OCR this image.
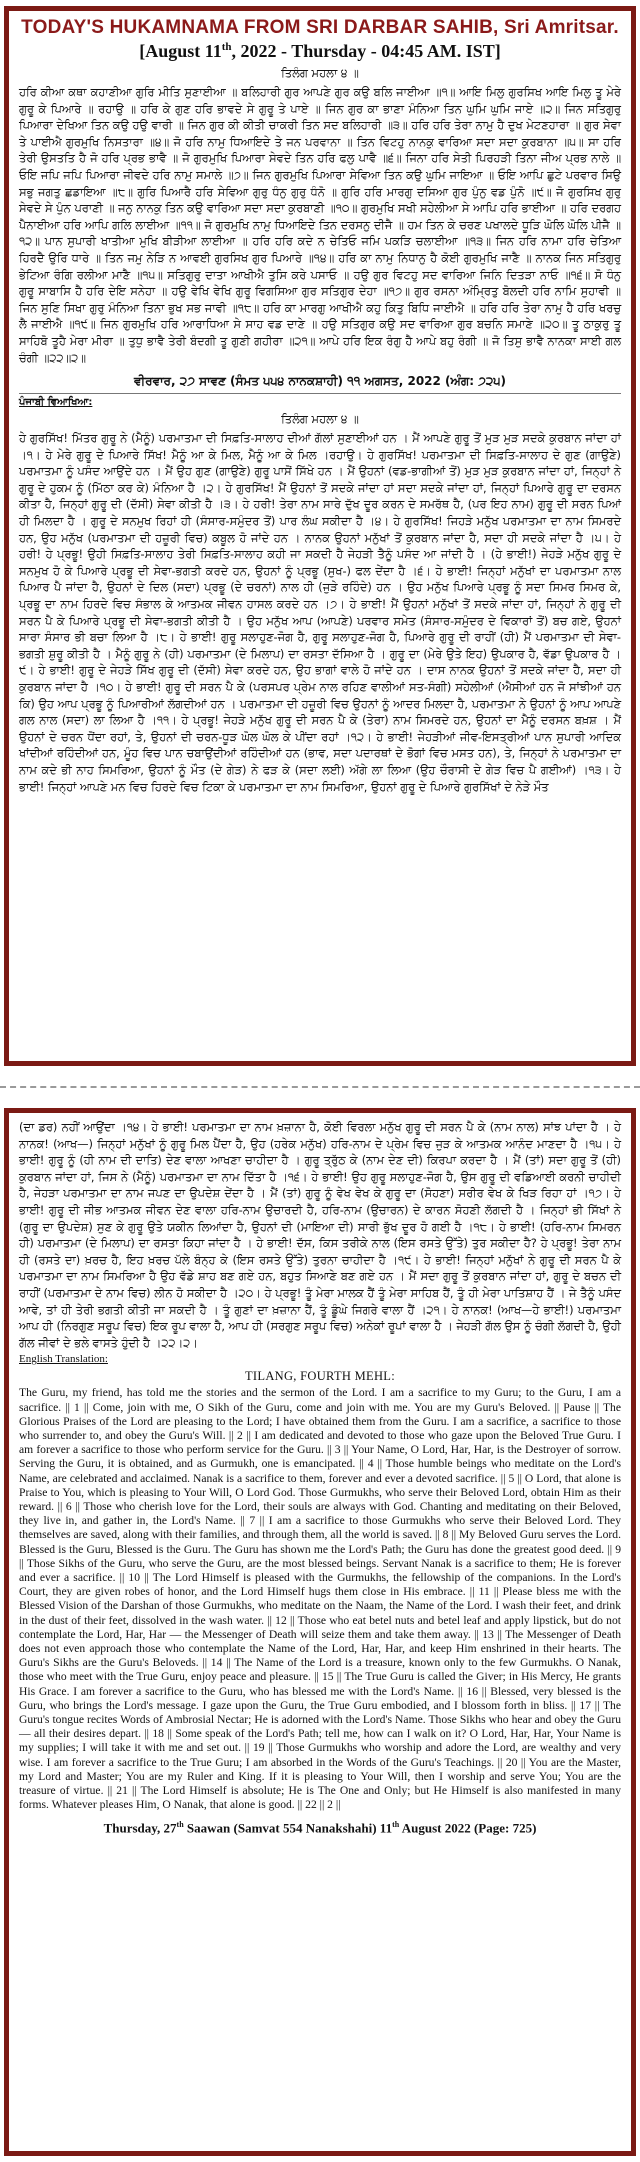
TODAY'S HUKAMNAMA FROM SRI DARBAR SAHIB, Sri Amritsar.
[August 11th, 2022 - Thursday - 04:45 AM. IST]
ਤਿਲੰਗ ਮਹਲਾ ੪ ॥
ਹਰਿ ਕੀਆ ਕਥਾ ਕਹਾਣੀਆ ਗੁਰਿ ਮੀਤਿ ਸੁਣਾਈਆ ॥ ਬਲਿਹਾਰੀ ਗੁਰ ਆਪਣੇ ਗੁਰ ਕਉ ਬਲਿ ਜਾਈਆ ॥੧॥ ਆਇ ਮਿਲੁ ਗੁਰਸਿਖ ਆਇ ਮਿਲੁ ਤੂ ਮੇਰੇ ਗੁਰੂ ਕੇ ਪਿਆਰੇ ॥ ਰਹਾਉ ॥ ਹਰਿ ਕੇ ਗੁਣ ਹਰਿ ਭਾਵਦੇ ਸੇ ਗੁਰੂ ਤੇ ਪਾਏ ॥ ਜਿਨ ਗੁਰ ਕਾ ਭਾਣਾ ਮੰਨਿਆ ਤਿਨ ਘੁਮਿ ਘੁਮਿ ਜਾਏ ॥੨॥ ਜਿਨ ਸਤਿਗੁਰੁ ਪਿਆਰਾ ਦੇਖਿਆ ਤਿਨ ਕਉ ਹਉ ਵਾਰੀ ॥ ਜਿਨ ਗੁਰ ਕੀ ਕੀਤੀ ਚਾਕਰੀ ਤਿਨ ਸਦ ਬਲਿਹਾਰੀ ॥੩॥ ਹਰਿ ਹਰਿ ਤੇਰਾ ਨਾਮੁ ਹੈ ਦੁਖ ਮੇਟਣਹਾਰਾ ॥ ਗੁਰ ਸੇਵਾ ਤੇ ਪਾਈਐ ਗੁਰਮੁਖਿ ਨਿਸਤਾਰਾ ॥੪॥ ਜੋ ਹਰਿ ਨਾਮੁ ਧਿਆਇਦੇ ਤੇ ਜਨ ਪਰਵਾਨਾ ॥ ਤਿਨ ਵਿਟਹੁ ਨਾਨਕੁ ਵਾਰਿਆ ਸਦਾ ਸਦਾ ਕੁਰਬਾਨਾ ॥੫॥ ਸਾ ਹਰਿ ਤੇਰੀ ਉਸਤਤਿ ਹੈ ਜੋ ਹਰਿ ਪ੍ਰਭ ਭਾਵੈ ॥ ਜੋ ਗੁਰਮੁਖਿ ਪਿਆਰਾ ਸੇਵਦੇ ਤਿਨ ਹਰਿ ਫਲੁ ਪਾਵੈ ॥੬॥ ਜਿਨਾ ਹਰਿ ਸੇਤੀ ਪਿਰਹੜੀ ਤਿਨਾ ਜੀਅ ਪ੍ਰਭ ਨਾਲੇ ॥ ਓਇ ਜਪਿ ਜਪਿ ਪਿਆਰਾ ਜੀਵਦੇ ਹਰਿ ਨਾਮੁ ਸਮਾਲੇ ॥੭॥ ਜਿਨ ਗੁਰਮੁਖਿ ਪਿਆਰਾ ਸੇਵਿਆ ਤਿਨ ਕਉ ਘੁਮਿ ਜਾਇਆ ॥ ਓਇ ਆਪਿ ਛੁਟੇ ਪਰਵਾਰ ਸਿਉ ਸਭੁ ਜਗਤੁ ਛਡਾਇਆ ॥੮॥ ਗੁਰਿ ਪਿਆਰੈ ਹਰਿ ਸੇਵਿਆ ਗੁਰੁ ਧੰਨੁ ਗੁਰੁ ਧੰਨੋ ॥ ਗੁਰਿ ਹਰਿ ਮਾਰਗੁ ਦਸਿਆ ਗੁਰ ਪੁੰਨੁ ਵਡ ਪੁੰਨੋ ॥੯॥ ਜੋ ਗੁਰਸਿਖ ਗੁਰੁ ਸੇਵਦੇ ਸੇ ਪੁੰਨ ਪਰਾਣੀ ॥ ਜਨੁ ਨਾਨਕੁ ਤਿਨ ਕਉ ਵਾਰਿਆ ਸਦਾ ਸਦਾ ਕੁਰਬਾਣੀ ॥੧੦॥ ਗੁਰਮੁਖਿ ਸਖੀ ਸਹੇਲੀਆ ਸੇ ਆਪਿ ਹਰਿ ਭਾਈਆ ॥ ਹਰਿ ਦਰਗਹ ਪੈਨਾਈਆ ਹਰਿ ਆਪਿ ਗਲਿ ਲਾਈਆ ॥੧੧॥ ਜੋ ਗੁਰਮੁਖਿ ਨਾਮੁ ਧਿਆਇਦੇ ਤਿਨ ਦਰਸਨੁ ਦੀਜੈ ॥ ਹਮ ਤਿਨ ਕੇ ਚਰਣ ਪਖਾਲਦੇ ਧੂੜਿ ਘੋਲਿ ਘੋਲਿ ਪੀਜੈ ॥੧੨॥ ਪਾਨ ਸੁਪਾਰੀ ਖਾਤੀਆ ਮੁਖਿ ਬੀੜੀਆ ਲਾਈਆ ॥ ਹਰਿ ਹਰਿ ਕਦੇ ਨ ਚੇਤਿਓ ਜਮਿ ਪਕੜਿ ਚਲਾਈਆ ॥੧੩॥ ਜਿਨ ਹਰਿ ਨਾਮਾ ਹਰਿ ਚੇਤਿਆ ਹਿਰਦੈ ਉਰਿ ਧਾਰੇ ॥ ਤਿਨ ਜਮੁ ਨੇੜਿ ਨ ਆਵਈ ਗੁਰਸਿਖ ਗੁਰ ਪਿਆਰੇ ॥੧੪॥ ਹਰਿ ਕਾ ਨਾਮੁ ਨਿਧਾਨੁ ਹੈ ਕੋਈ ਗੁਰਮੁਖਿ ਜਾਣੈ ॥ ਨਾਨਕ ਜਿਨ ਸਤਿਗੁਰੁ ਭੇਟਿਆ ਰੰਗਿ ਰਲੀਆ ਮਾਣੈ ॥੧੫॥ ਸਤਿਗੁਰੁ ਦਾਤਾ ਆਖੀਐ ਤੁਸਿ ਕਰੇ ਪਸਾਓ ॥ ਹਉ ਗੁਰ ਵਿਟਹੁ ਸਦ ਵਾਰਿਆ ਜਿਨਿ ਦਿਤੜਾ ਨਾਓ ॥੧੬॥ ਸੋ ਧੰਨੁ ਗੁਰੂ ਸਾਬਾਸਿ ਹੈ ਹਰਿ ਦੇਇ ਸਨੇਹਾ ॥ ਹਉ ਵੇਖਿ ਵੇਖਿ ਗੁਰੂ ਵਿਗਸਿਆ ਗੁਰ ਸਤਿਗੁਰ ਦੇਹਾ ॥੧੭॥ ਗੁਰ ਰਸਨਾ ਅੰਮ੍ਰਿਤੁ ਬੋਲਦੀ ਹਰਿ ਨਾਮਿ ਸੁਹਾਵੀ ॥ ਜਿਨ ਸੁਣਿ ਸਿਖਾ ਗੁਰੁ ਮੰਨਿਆ ਤਿਨਾ ਭੁਖ ਸਭ ਜਾਵੀ ॥੧੮॥ ਹਰਿ ਕਾ ਮਾਰਗੁ ਆਖੀਐ ਕਹੁ ਕਿਤੁ ਬਿਧਿ ਜਾਈਐ ॥ ਹਰਿ ਹਰਿ ਤੇਰਾ ਨਾਮੁ ਹੈ ਹਰਿ ਖਰਚੁ ਲੈ ਜਾਈਐ ॥੧੯॥ ਜਿਨ ਗੁਰਮੁਖਿ ਹਰਿ ਆਰਾਧਿਆ ਸੇ ਸਾਹ ਵਡ ਦਾਣੇ ॥ ਹਉ ਸਤਿਗੁਰ ਕਉ ਸਦ ਵਾਰਿਆ ਗੁਰ ਬਚਨਿ ਸਮਾਣੇ ॥੨੦॥ ਤੂ ਠਾਕੁਰੁ ਤੂ ਸਾਹਿਬੋ ਤੂਹੈ ਮੇਰਾ ਮੀਰਾ ॥ ਤੁਧੁ ਭਾਵੈ ਤੇਰੀ ਬੰਦਗੀ ਤੂ ਗੁਣੀ ਗਹੀਰਾ ॥੨੧॥ ਆਪੇ ਹਰਿ ਇਕ ਰੰਗੁ ਹੈ ਆਪੇ ਬਹੁ ਰੰਗੀ ॥ ਜੋ ਤਿਸੁ ਭਾਵੈ ਨਾਨਕਾ ਸਾਈ ਗਲ ਚੰਗੀ ॥੨੨॥੨॥
ਵੀਰਵਾਰ, ੨੭ ਸਾਵਣ (ਸੰਮਤ ੫੫੪ ਨਾਨਕਸ਼ਾਹੀ) ੧੧ ਅਗਸਤ, 2022 (ਅੰਗ: ੭੨੫)
ਪੰਜਾਬੀ ਵਿਆਖਿਆ:
ਤਿਲੰਗ ਮਹਲਾ ੪ ॥
ਹੇ ਗੁਰਸਿੱਖ! ਮਿੱਤਰ ਗੁਰੂ ਨੇ (ਮੈਨੂੰ) ਪਰਮਾਤਮਾ ਦੀ ਸਿਫ਼ਤਿ-ਸਾਲਾਹ ਦੀਆਂ ਗੱਲਾਂ ਸੁਣਾਈਆਂ ਹਨ । ਮੈਂ ਆਪਣੇ ਗੁਰੂ ਤੋਂ ਮੁੜ ਮੁੜ ਸਦਕੇ ਕੁਰਬਾਨ ਜਾਂਦਾ ਹਾਂ ।੧। ਹੇ ਮੇਰੇ ਗੁਰੂ ਦੇ ਪਿਆਰੇ ਸਿੱਖ! ਮੈਨੂੰ ਆ ਕੇ ਮਿਲ, ਮੈਨੂੰ ਆ ਕੇ ਮਿਲ ।ਰਹਾਉ। ਹੇ ਗੁਰਸਿੱਖ! ਪਰਮਾਤਮਾ ਦੀ ਸਿਫ਼ਤਿ-ਸਾਲਾਹ ਦੇ ਗੁਣ (ਗਾਉਣੇ) ਪਰਮਾਤਮਾ ਨੂੰ ਪਸੰਦ ਆਉਂਦੇ ਹਨ । ਮੈਂ ਉਹ ਗੁਣ (ਗਾਉਣੇ) ਗੁਰੂ ਪਾਸੋਂ ਸਿੱਖੇ ਹਨ । ਮੈਂ ਉਹਨਾਂ (ਵਡ-ਭਾਗੀਆਂ ਤੋਂ) ਮੁੜ ਮੁੜ ਕੁਰਬਾਨ ਜਾਂਦਾ ਹਾਂ, ਜਿਨ੍ਹਾਂ ਨੇ ਗੁਰੂ ਦੇ ਹੁਕਮ ਨੂੰ (ਮਿੱਠਾ ਕਰ ਕੇ) ਮੰਨਿਆ ਹੈ ।੨। ਹੇ ਗੁਰਸਿੱਖ! ਮੈਂ ਉਹਨਾਂ ਤੋਂ ਸਦਕੇ ਜਾਂਦਾ ਹਾਂ ਸਦਾ ਸਦਕੇ ਜਾਂਦਾ ਹਾਂ, ਜਿਨ੍ਹਾਂ ਪਿਆਰੇ ਗੁਰੂ ਦਾ ਦਰਸਨ ਕੀਤਾ ਹੈ, ਜਿਨ੍ਹਾਂ ਗੁਰੂ ਦੀ (ਦੱਸੀ) ਸੇਵਾ ਕੀਤੀ ਹੈ ।੩। ਹੇ ਹਰੀ! ਤੇਰਾ ਨਾਮ ਸਾਰੇ ਦੁੱਖ ਦੂਰ ਕਰਨ ਦੇ ਸਮਰੱਥ ਹੈ, (ਪਰ ਇਹ ਨਾਮ) ਗੁਰੂ ਦੀ ਸਰਨ ਪਿਆਂ ਹੀ ਮਿਲਦਾ ਹੈ । ਗੁਰੂ ਦੇ ਸਨਮੁਖ ਰਿਹਾਂ ਹੀ (ਸੰਸਾਰ-ਸਮੁੰਦਰ ਤੋਂ) ਪਾਰ ਲੰਘ ਸਕੀਦਾ ਹੈ ।੪। ਹੇ ਗੁਰਸਿੱਖ! ਜਿਹੜੇ ਮਨੁੱਖ ਪਰਮਾਤਮਾ ਦਾ ਨਾਮ ਸਿਮਰਦੇ ਹਨ, ਉਹ ਮਨੁੱਖ (ਪਰਮਾਤਮਾ ਦੀ ਹਜ਼ੂਰੀ ਵਿਚ) ਕਬੂਲ ਹੋ ਜਾਂਦੇ ਹਨ । ਨਾਨਕ ਉਹਨਾਂ ਮਨੁੱਖਾਂ ਤੋਂ ਕੁਰਬਾਨ ਜਾਂਦਾ ਹੈ, ਸਦਾ ਹੀ ਸਦਕੇ ਜਾਂਦਾ ਹੈ ।੫। ਹੇ ਹਰੀ! ਹੇ ਪ੍ਰਭੂ! ਉਹੀ ਸਿਫ਼ਤਿ-ਸਾਲਾਹ ਤੇਰੀ ਸਿਫ਼ਤਿ-ਸਾਲਾਹ ਕਹੀ ਜਾ ਸਕਦੀ ਹੈ ਜੇਹੜੀ ਤੈਨੂੰ ਪਸੰਦ ਆ ਜਾਂਦੀ ਹੈ । (ਹੇ ਭਾਈ!) ਜੇਹੜੇ ਮਨੁੱਖ ਗੁਰੂ ਦੇ ਸਨਮੁਖ ਹੋ ਕੇ ਪਿਆਰੇ ਪ੍ਰਭੂ ਦੀ ਸੇਵਾ-ਭਗਤੀ ਕਰਦੇ ਹਨ, ਉਹਨਾਂ ਨੂੰ ਪ੍ਰਭੂ (ਸੁਖ-) ਫਲ ਦੇਂਦਾ ਹੈ ।੬। ਹੇ ਭਾਈ! ਜਿਨ੍ਹਾਂ ਮਨੁੱਖਾਂ ਦਾ ਪਰਮਾਤਮਾ ਨਾਲ ਪਿਆਰ ਪੈ ਜਾਂਦਾ ਹੈ, ਉਹਨਾਂ ਦੇ ਦਿਲ (ਸਦਾ) ਪ੍ਰਭੂ (ਦੇ ਚਰਨਾਂ) ਨਾਲ ਹੀ (ਜੁੜੇ ਰਹਿੰਦੇ) ਹਨ । ਉਹ ਮਨੁੱਖ ਪਿਆਰੇ ਪ੍ਰਭੂ ਨੂੰ ਸਦਾ ਸਿਮਰ ਸਿਮਰ ਕੇ, ਪ੍ਰਭੂ ਦਾ ਨਾਮ ਹਿਰਦੇ ਵਿਚ ਸੰਭਾਲ ਕੇ ਆਤਮਕ ਜੀਵਨ ਹਾਸਲ ਕਰਦੇ ਹਨ ।੭। ਹੇ ਭਾਈ! ਮੈਂ ਉਹਨਾਂ ਮਨੁੱਖਾਂ ਤੋਂ ਸਦਕੇ ਜਾਂਦਾ ਹਾਂ, ਜਿਨ੍ਹਾਂ ਨੇ ਗੁਰੂ ਦੀ ਸਰਨ ਪੈ ਕੇ ਪਿਆਰੇ ਪ੍ਰਭੂ ਦੀ ਸੇਵਾ-ਭਗਤੀ ਕੀਤੀ ਹੈ । ਉਹ ਮਨੁੱਖ ਆਪ (ਆਪਣੇ) ਪਰਵਾਰ ਸਮੇਤ (ਸੰਸਾਰ-ਸਮੁੰਦਰ ਦੇ ਵਿਕਾਰਾਂ ਤੋਂ) ਬਚ ਗਏ, ਉਹਨਾਂ ਸਾਰਾ ਸੰਸਾਰ ਭੀ ਬਚਾ ਲਿਆ ਹੈ ।੮। ਹੇ ਭਾਈ! ਗੁਰੂ ਸਲਾਹੁਣ-ਜੋਗ ਹੈ, ਗੁਰੂ ਸਲਾਹੁਣ-ਜੋਗ ਹੈ, ਪਿਆਰੇ ਗੁਰੂ ਦੀ ਰਾਹੀਂ (ਹੀ) ਮੈਂ ਪਰਮਾਤਮਾ ਦੀ ਸੇਵਾ-ਭਗਤੀ ਸ਼ੁਰੂ ਕੀਤੀ ਹੈ । ਮੈਨੂੰ ਗੁਰੂ ਨੇ (ਹੀ) ਪਰਮਾਤਮਾ (ਦੇ ਮਿਲਾਪ) ਦਾ ਰਸਤਾ ਦੱਸਿਆ ਹੈ । ਗੁਰੂ ਦਾ (ਮੇਰੇ ਉਤੇ ਇਹ) ਉਪਕਾਰ ਹੈ, ਵੱਡਾ ਉਪਕਾਰ ਹੈ ।੯। ਹੇ ਭਾਈ! ਗੁਰੂ ਦੇ ਜੇਹੜੇ ਸਿੱਖ ਗੁਰੂ ਦੀ (ਦੱਸੀ) ਸੇਵਾ ਕਰਦੇ ਹਨ, ਉਹ ਭਾਗਾਂ ਵਾਲੇ ਹੋ ਜਾਂਦੇ ਹਨ । ਦਾਸ ਨਾਨਕ ਉਹਨਾਂ ਤੋਂ ਸਦਕੇ ਜਾਂਦਾ ਹੈ, ਸਦਾ ਹੀ ਕੁਰਬਾਨ ਜਾਂਦਾ ਹੈ ।੧੦। ਹੇ ਭਾਈ! ਗੁਰੂ ਦੀ ਸਰਨ ਪੈ ਕੇ (ਪਰਸਪਰ ਪ੍ਰੇਮ ਨਾਲ ਰਹਿਣ ਵਾਲੀਆਂ ਸਤ-ਸੰਗੀ) ਸਹੇਲੀਆਂ (ਐਸੀਆਂ ਹਨ ਜੋ ਸਾਂਝੀਆਂ ਹਨ ਕਿ) ਉਹ ਆਪ ਪ੍ਰਭੂ ਨੂੰ ਪਿਆਰੀਆਂ ਲੱਗਦੀਆਂ ਹਨ । ਪਰਮਾਤਮਾ ਦੀ ਹਜ਼ੂਰੀ ਵਿਚ ਉਹਨਾਂ ਨੂੰ ਆਦਰ ਮਿਲਦਾ ਹੈ, ਪਰਮਾਤਮਾ ਨੇ ਉਹਨਾਂ ਨੂੰ ਆਪ ਆਪਣੇ ਗਲ ਨਾਲ (ਸਦਾ) ਲਾ ਲਿਆ ਹੈ ।੧੧। ਹੇ ਪ੍ਰਭੂ! ਜੇਹੜੇ ਮਨੁੱਖ ਗੁਰੂ ਦੀ ਸਰਨ ਪੈ ਕੇ (ਤੇਰਾ) ਨਾਮ ਸਿਮਰਦੇ ਹਨ, ਉਹਨਾਂ ਦਾ ਮੈਨੂੰ ਦਰਸਨ ਬਖ਼ਸ਼ । ਮੈਂ ਉਹਨਾਂ ਦੇ ਚਰਨ ਧੋਂਦਾ ਰਹਾਂ, ਤੇ, ਉਹਨਾਂ ਦੀ ਚਰਨ-ਧੂੜ ਘੋਲ ਘੋਲ ਕੇ ਪੀਂਦਾ ਰਹਾਂ ।੧੨। ਹੇ ਭਾਈ! ਜੇਹੜੀਆਂ ਜੀਵ-ਇਸਤ੍ਰੀਆਂ ਪਾਨ ਸੁਪਾਰੀ ਆਦਿਕ ਖਾਂਦੀਆਂ ਰਹਿੰਦੀਆਂ ਹਨ, ਮੂੰਹ ਵਿਚ ਪਾਨ ਚਬਾਉਂਦੀਆਂ ਰਹਿੰਦੀਆਂ ਹਨ (ਭਾਵ, ਸਦਾ ਪਦਾਰਥਾਂ ਦੇ ਭੋਗਾਂ ਵਿਚ ਮਸਤ ਹਨ), ਤੇ, ਜਿਨ੍ਹਾਂ ਨੇ ਪਰਮਾਤਮਾ ਦਾ ਨਾਮ ਕਦੇ ਭੀ ਨਾਹ ਸਿਮਰਿਆ, ਉਹਨਾਂ ਨੂੰ ਮੌਤ (ਦੇ ਗੇੜ) ਨੇ ਫੜ ਕੇ (ਸਦਾ ਲਈ) ਅੱਗੇ ਲਾ ਲਿਆ (ਉਹ ਚੌਰਾਸੀ ਦੇ ਗੇੜ ਵਿਚ ਪੈ ਗਈਆਂ) ।੧੩। ਹੇ ਭਾਈ! ਜਿਨ੍ਹਾਂ ਆਪਣੇ ਮਨ ਵਿਚ ਹਿਰਦੇ ਵਿਚ ਟਿਕਾ ਕੇ ਪਰਮਾਤਮਾ ਦਾ ਨਾਮ ਸਿਮਰਿਆ, ਉਹਨਾਂ ਗੁਰੂ ਦੇ ਪਿਆਰੇ ਗੁਰਸਿੱਖਾਂ ਦੇ ਨੇੜੇ ਮੌਤ
(ਦਾ ਡਰ) ਨਹੀਂ ਆਉਂਦਾ ।੧੪। ਹੇ ਭਾਈ! ਪਰਮਾਤਮਾ ਦਾ ਨਾਮ ਖ਼ਜ਼ਾਨਾ ਹੈ, ਕੋਈ ਵਿਰਲਾ ਮਨੁੱਖ ਗੁਰੂ ਦੀ ਸਰਨ ਪੈ ਕੇ (ਨਾਮ ਨਾਲ) ਸਾਂਝ ਪਾਂਦਾ ਹੈ । ਹੇ ਨਾਨਕ! (ਆਖ—) ਜਿਨ੍ਹਾਂ ਮਨੁੱਖਾਂ ਨੂੰ ਗੁਰੂ ਮਿਲ ਪੈਂਦਾ ਹੈ, ਉਹ (ਹਰੇਕ ਮਨੁੱਖ) ਹਰਿ-ਨਾਮ ਦੇ ਪ੍ਰੇਮ ਵਿਚ ਜੁੜ ਕੇ ਆਤਮਕ ਆਨੰਦ ਮਾਣਦਾ ਹੈ ।੧੫। ਹੇ ਭਾਈ! ਗੁਰੂ ਨੂੰ (ਹੀ ਨਾਮ ਦੀ ਦਾਤਿ) ਦੇਣ ਵਾਲਾ ਆਖਣਾ ਚਾਹੀਦਾ ਹੈ । ਗੁਰੂ ਤ੍ਰੁੱਠ ਕੇ (ਨਾਮ ਦੇਣ ਦੀ) ਕਿਰਪਾ ਕਰਦਾ ਹੈ । ਮੈਂ (ਤਾਂ) ਸਦਾ ਗੁਰੂ ਤੋਂ (ਹੀ) ਕੁਰਬਾਨ ਜਾਂਦਾ ਹਾਂ, ਜਿਸ ਨੇ (ਮੈਨੂੰ) ਪਰਮਾਤਮਾ ਦਾ ਨਾਮ ਦਿੱਤਾ ਹੈ ।੧੬। ਹੇ ਭਾਈ! ਉਹ ਗੁਰੂ ਸਲਾਹੁਣ-ਜੋਗ ਹੈ, ਉਸ ਗੁਰੂ ਦੀ ਵਡਿਆਈ ਕਰਨੀ ਚਾਹੀਦੀ ਹੈ, ਜੇਹੜਾ ਪਰਮਾਤਮਾ ਦਾ ਨਾਮ ਜਪਣ ਦਾ ਉਪਦੇਸ਼ ਦੇਂਦਾ ਹੈ । ਮੈਂ (ਤਾਂ) ਗੁਰੂ ਨੂੰ ਵੇਖ ਵੇਖ ਕੇ ਗੁਰੂ ਦਾ (ਸੋਹਣਾ) ਸਰੀਰ ਵੇਖ ਕੇ ਖਿੜ ਰਿਹਾ ਹਾਂ ।੧੭। ਹੇ ਭਾਈ! ਗੁਰੂ ਦੀ ਜੀਭ ਆਤਮਕ ਜੀਵਨ ਦੇਣ ਵਾਲਾ ਹਰਿ-ਨਾਮ ਉਚਾਰਦੀ ਹੈ, ਹਰਿ-ਨਾਮ (ਉਚਾਰਨ) ਦੇ ਕਾਰਨ ਸੋਹਣੀ ਲੱਗਦੀ ਹੈ । ਜਿਨ੍ਹਾਂ ਭੀ ਸਿੱਖਾਂ ਨੇ (ਗੁਰੂ ਦਾ ਉਪਦੇਸ਼) ਸੁਣ ਕੇ ਗੁਰੂ ਉਤੇ ਯਕੀਨ ਲਿਆਂਦਾ ਹੈ, ਉਹਨਾਂ ਦੀ (ਮਾਇਆ ਦੀ) ਸਾਰੀ ਭੁੱਖ ਦੂਰ ਹੋ ਗਈ ਹੈ ।੧੮। ਹੇ ਭਾਈ! (ਹਰਿ-ਨਾਮ ਸਿਮਰਨ ਹੀ) ਪਰਮਾਤਮਾ (ਦੇ ਮਿਲਾਪ) ਦਾ ਰਸਤਾ ਕਿਹਾ ਜਾਂਦਾ ਹੈ । ਹੇ ਭਾਈ! ਦੱਸ, ਕਿਸ ਤਰੀਕੇ ਨਾਲ (ਇਸ ਰਸਤੇ ਉੱਤੇ) ਤੁਰ ਸਕੀਦਾ ਹੈ? ਹੇ ਪ੍ਰਭੂ! ਤੇਰਾ ਨਾਮ ਹੀ (ਰਸਤੇ ਦਾ) ਖ਼ਰਚ ਹੈ, ਇਹ ਖ਼ਰਚ ਪੱਲੇ ਬੰਨ੍ਹ ਕੇ (ਇਸ ਰਸਤੇ ਉੱਤੇ) ਤੁਰਨਾ ਚਾਹੀਦਾ ਹੈ ।੧੯। ਹੇ ਭਾਈ! ਜਿਨ੍ਹਾਂ ਮਨੁੱਖਾਂ ਨੇ ਗੁਰੂ ਦੀ ਸਰਨ ਪੈ ਕੇ ਪਰਮਾਤਮਾ ਦਾ ਨਾਮ ਸਿਮਰਿਆ ਹੈ ਉਹ ਵੱਡੇ ਸ਼ਾਹ ਬਣ ਗਏ ਹਨ, ਬਹੁਤ ਸਿਆਣੇ ਬਣ ਗਏ ਹਨ । ਮੈਂ ਸਦਾ ਗੁਰੂ ਤੋਂ ਕੁਰਬਾਨ ਜਾਂਦਾ ਹਾਂ, ਗੁਰੂ ਦੇ ਬਚਨ ਦੀ ਰਾਹੀਂ (ਪਰਮਾਤਮਾ ਦੇ ਨਾਮ ਵਿਚ) ਲੀਨ ਹੋ ਸਕੀਦਾ ਹੈ ।੨੦। ਹੇ ਪ੍ਰਭੂ! ਤੂੰ ਮੇਰਾ ਮਾਲਕ ਹੈਂ ਤੂੰ ਮੇਰਾ ਸਾਹਿਬ ਹੈਂ, ਤੂੰ ਹੀ ਮੇਰਾ ਪਾਤਿਸ਼ਾਹ ਹੈਂ । ਜੇ ਤੈਨੂੰ ਪਸੰਦ ਆਵੇ, ਤਾਂ ਹੀ ਤੇਰੀ ਭਗਤੀ ਕੀਤੀ ਜਾ ਸਕਦੀ ਹੈ । ਤੂੰ ਗੁਣਾਂ ਦਾ ਖ਼ਜ਼ਾਨਾ ਹੈਂ, ਤੂੰ ਡੂੰਘੇ ਜਿਗਰੇ ਵਾਲਾ ਹੈਂ ।੨੧। ਹੇ ਨਾਨਕ! (ਆਖ—ਹੇ ਭਾਈ!) ਪਰਮਾਤਮਾ ਆਪ ਹੀ (ਨਿਰਗੁਣ ਸਰੂਪ ਵਿਚ) ਇਕ ਰੂਪ ਵਾਲਾ ਹੈ, ਆਪ ਹੀ (ਸਰਗੁਣ ਸਰੂਪ ਵਿਚ) ਅਨੇਕਾਂ ਰੂਪਾਂ ਵਾਲਾ ਹੈ । ਜੇਹੜੀ ਗੱਲ ਉਸ ਨੂੰ ਚੰਗੀ ਲੱਗਦੀ ਹੈ, ਉਹੀ ਗੱਲ ਜੀਵਾਂ ਦੇ ਭਲੇ ਵਾਸਤੇ ਹੁੰਦੀ ਹੈ ।੨੨।੨।
English Translation:
TILANG, FOURTH MEHL:
The Guru, my friend, has told me the stories and the sermon of the Lord. I am a sacrifice to my Guru; to the Guru, I am a sacrifice. || 1 || Come, join with me, O Sikh of the Guru, come and join with me. You are my Guru's Beloved. || Pause || The Glorious Praises of the Lord are pleasing to the Lord; I have obtained them from the Guru. I am a sacrifice, a sacrifice to those who surrender to, and obey the Guru's Will. || 2 || I am dedicated and devoted to those who gaze upon the Beloved True Guru. I am forever a sacrifice to those who perform service for the Guru. || 3 || Your Name, O Lord, Har, Har, is the Destroyer of sorrow. Serving the Guru, it is obtained, and as Gurmukh, one is emancipated. || 4 || Those humble beings who meditate on the Lord's Name, are celebrated and acclaimed. Nanak is a sacrifice to them, forever and ever a devoted sacrifice. || 5 || O Lord, that alone is Praise to You, which is pleasing to Your Will, O Lord God. Those Gurmukhs, who serve their Beloved Lord, obtain Him as their reward. || 6 || Those who cherish love for the Lord, their souls are always with God. Chanting and meditating on their Beloved, they live in, and gather in, the Lord's Name. || 7 || I am a sacrifice to those Gurmukhs who serve their Beloved Lord. They themselves are saved, along with their families, and through them, all the world is saved. || 8 || My Beloved Guru serves the Lord. Blessed is the Guru, Blessed is the Guru. The Guru has shown me the Lord's Path; the Guru has done the greatest good deed. || 9 || Those Sikhs of the Guru, who serve the Guru, are the most blessed beings. Servant Nanak is a sacrifice to them; He is forever and ever a sacrifice. || 10 || The Lord Himself is pleased with the Gurmukhs, the fellowship of the companions. In the Lord's Court, they are given robes of honor, and the Lord Himself hugs them close in His embrace. || 11 || Please bless me with the Blessed Vision of the Darshan of those Gurmukhs, who meditate on the Naam, the Name of the Lord. I wash their feet, and drink in the dust of their feet, dissolved in the wash water. || 12 || Those who eat betel nuts and betel leaf and apply lipstick, but do not contemplate the Lord, Har, Har — the Messenger of Death will seize them and take them away. || 13 || The Messenger of Death does not even approach those who contemplate the Name of the Lord, Har, Har, and keep Him enshrined in their hearts. The Guru's Sikhs are the Guru's Beloveds. || 14 || The Name of the Lord is a treasure, known only to the few Gurmukhs. O Nanak, those who meet with the True Guru, enjoy peace and pleasure. || 15 || The True Guru is called the Giver; in His Mercy, He grants His Grace. I am forever a sacrifice to the Guru, who has blessed me with the Lord's Name. || 16 || Blessed, very blessed is the Guru, who brings the Lord's message. I gaze upon the Guru, the True Guru embodied, and I blossom forth in bliss. || 17 || The Guru's tongue recites Words of Ambrosial Nectar; He is adorned with the Lord's Name. Those Sikhs who hear and obey the Guru — all their desires depart. || 18 || Some speak of the Lord's Path; tell me, how can I walk on it? O Lord, Har, Har, Your Name is my supplies; I will take it with me and set out. || 19 || Those Gurmukhs who worship and adore the Lord, are wealthy and very wise. I am forever a sacrifice to the True Guru; I am absorbed in the Words of the Guru's Teachings. || 20 || You are the Master, my Lord and Master; You are my Ruler and King. If it is pleasing to Your Will, then I worship and serve You; You are the treasure of virtue. || 21 || The Lord Himself is absolute; He is The One and Only; but He Himself is also manifested in many forms. Whatever pleases Him, O Nanak, that alone is good. || 22 || 2 ||
Thursday, 27th Saawan (Samvat 554 Nanakshahi) 11th August 2022 (Page: 725)
